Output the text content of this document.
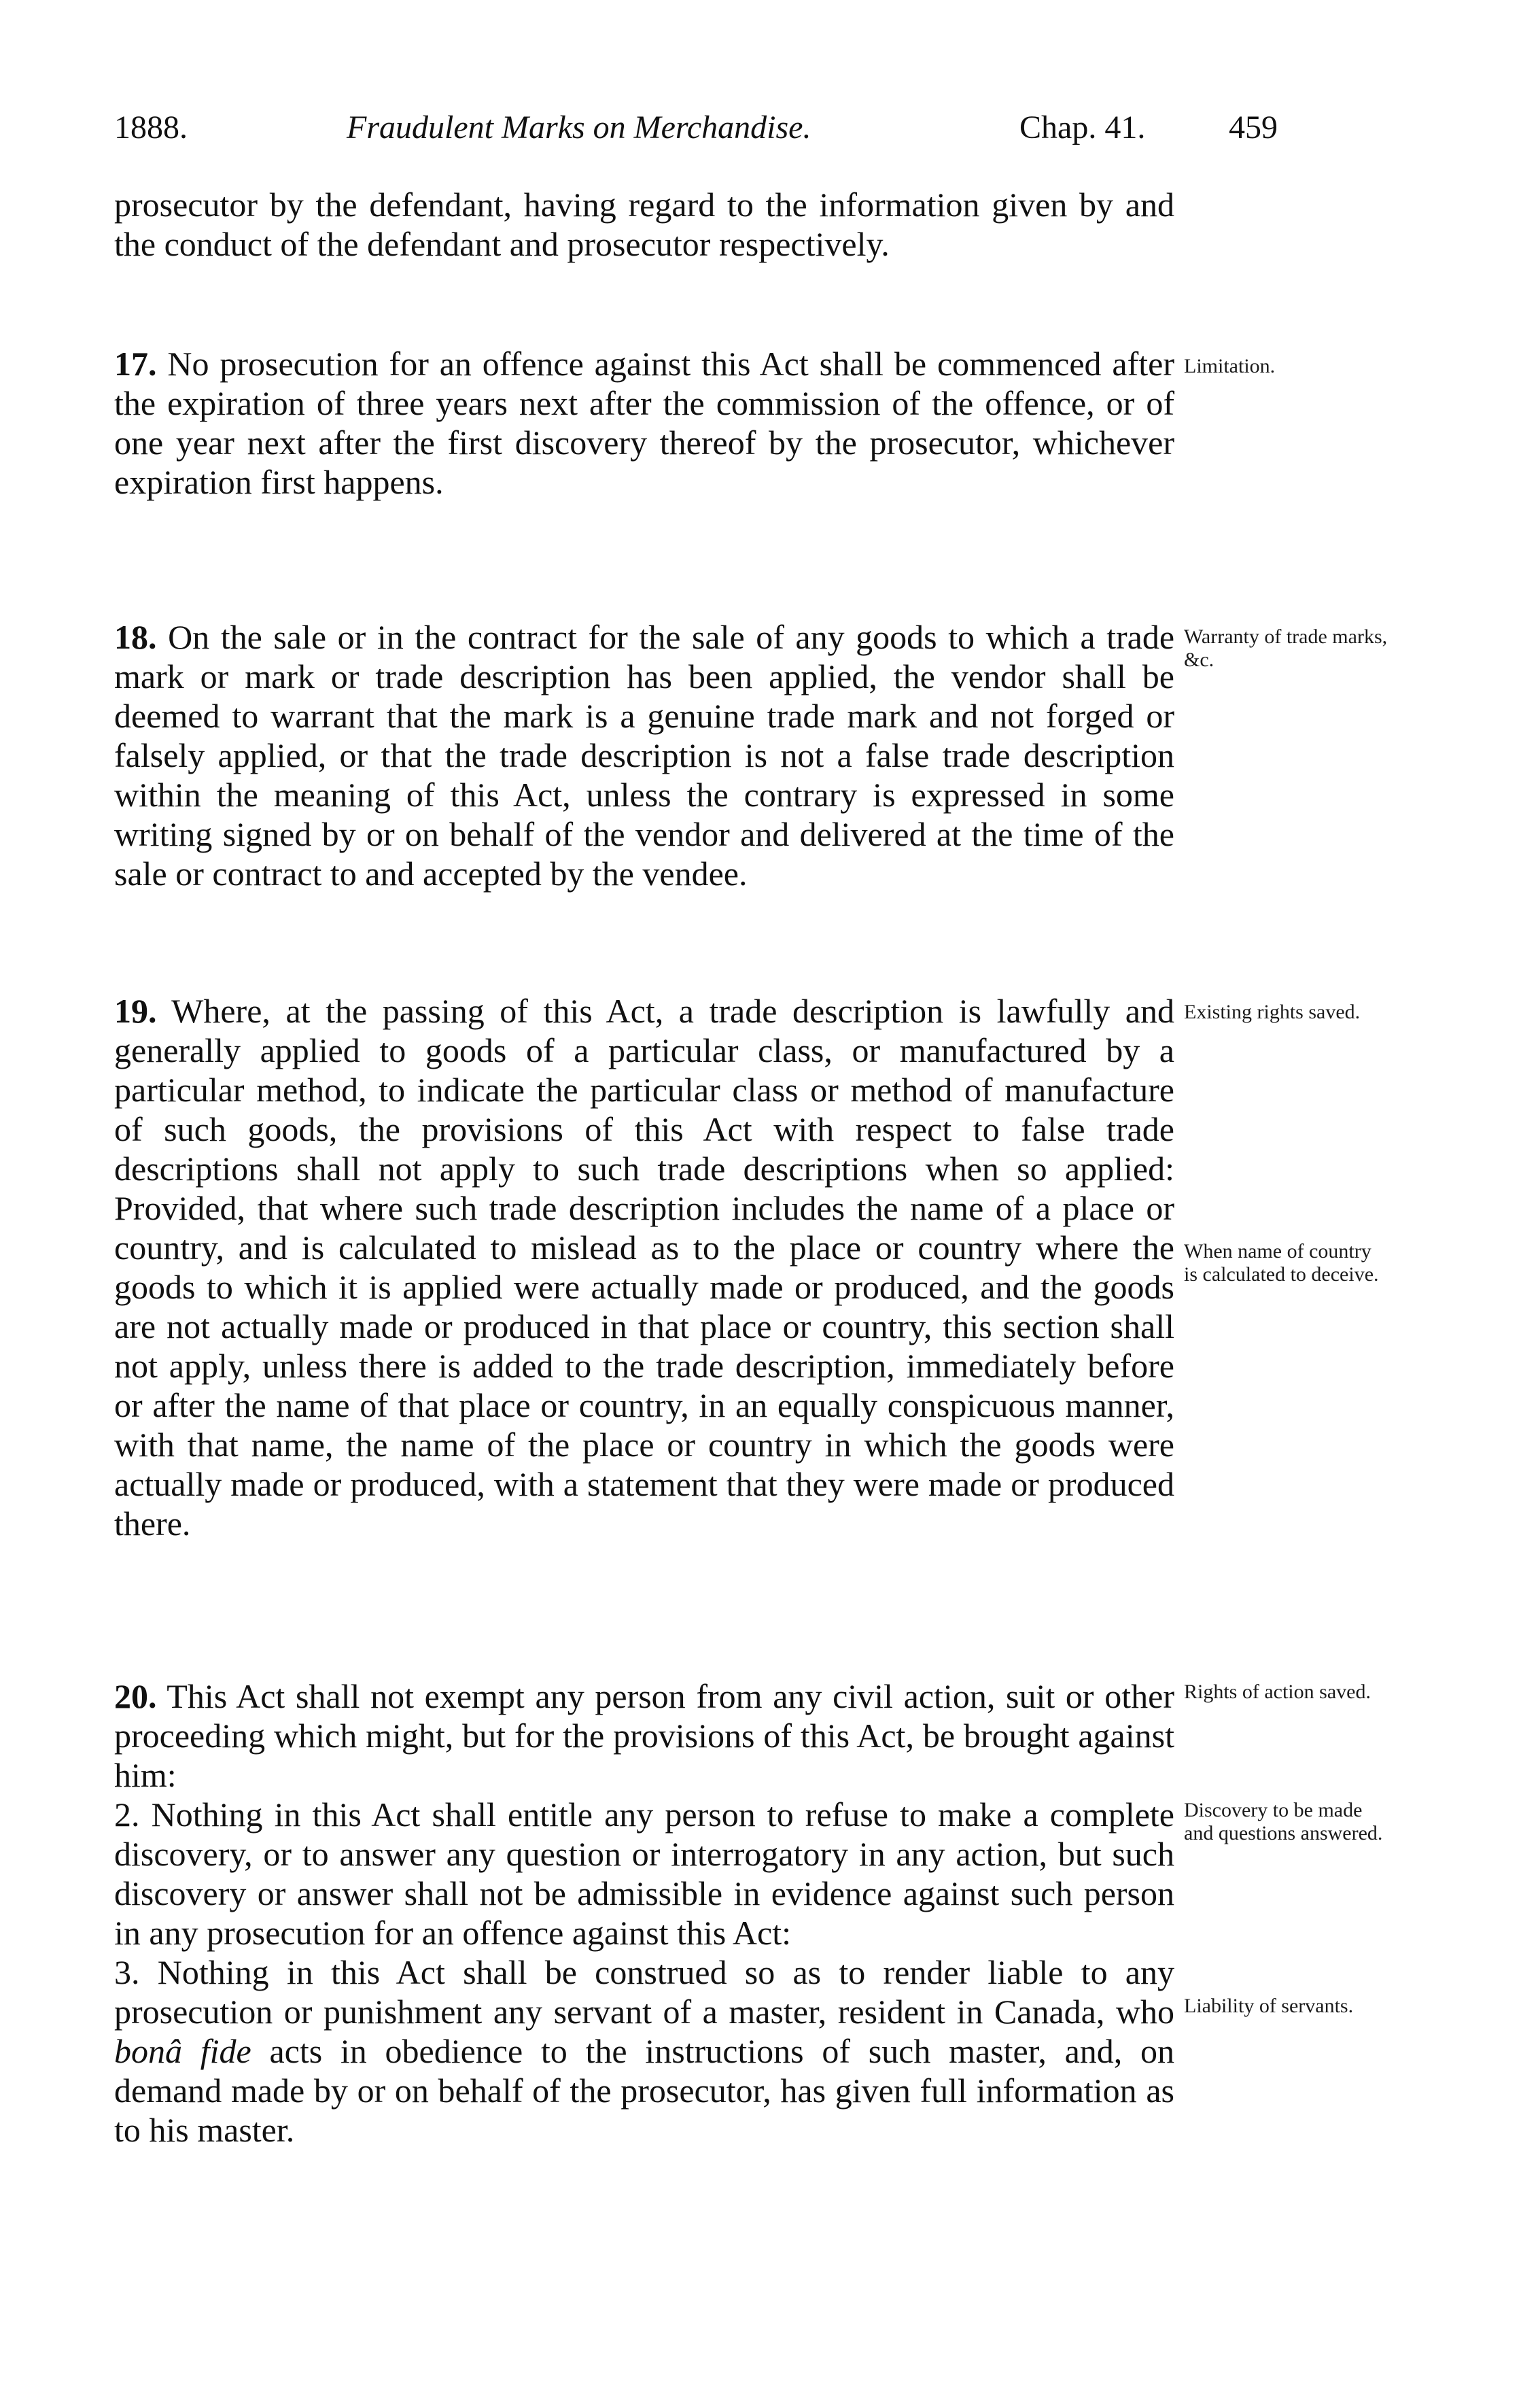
1888.	Fraudulent Marks on Merchandise.	Chap. 41.	459

prosecutor by the defendant, having regard to the information given by and the conduct of the defendant and prosecutor respectively.

17. No prosecution for an offence against this Act shall be commenced after the expiration of three years next after the commission of the offence, or of one year next after the first discovery thereof by the prosecutor, whichever expiration first happens.

Limitation.

18. On the sale or in the contract for the sale of any goods to which a trade mark or mark or trade description has been applied, the vendor shall be deemed to warrant that the mark is a genuine trade mark and not forged or falsely applied, or that the trade description is not a false trade description within the meaning of this Act, unless the contrary is expressed in some writing signed by or on behalf of the vendor and delivered at the time of the sale or contract to and accepted by the vendee.

Warranty of trade marks, &c.

19. Where, at the passing of this Act, a trade description is lawfully and generally applied to goods of a particular class, or manufactured by a particular method, to indicate the particular class or method of manufacture of such goods, the provisions of this Act with respect to false trade descriptions shall not apply to such trade descriptions when so applied: Provided, that where such trade description includes the name of a place or country, and is calculated to mislead as to the place or country where the goods to which it is applied were actually made or produced, and the goods are not actually made or produced in that place or country, this section shall not apply, unless there is added to the trade description, immediately before or after the name of that place or country, in an equally conspicuous manner, with that name, the name of the place or country in which the goods were actually made or produced, with a statement that they were made or produced there.

Existing rights saved.
When name of country is calculated to deceive.

20. This Act shall not exempt any person from any civil action, suit or other proceeding which might, but for the provisions of this Act, be brought against him:

2. Nothing in this Act shall entitle any person to refuse to make a complete discovery, or to answer any question or interrogatory in any action, but such discovery or answer shall not be admissible in evidence against such person in any prosecution for an offence against this Act:

3. Nothing in this Act shall be construed so as to render liable to any prosecution or punishment any servant of a master, resident in Canada, who bonâ fide acts in obedience to the instructions of such master, and, on demand made by or on behalf of the prosecutor, has given full information as to his master.

Rights of action saved.
Discovery to be made and questions answered.
Liability of servants.
